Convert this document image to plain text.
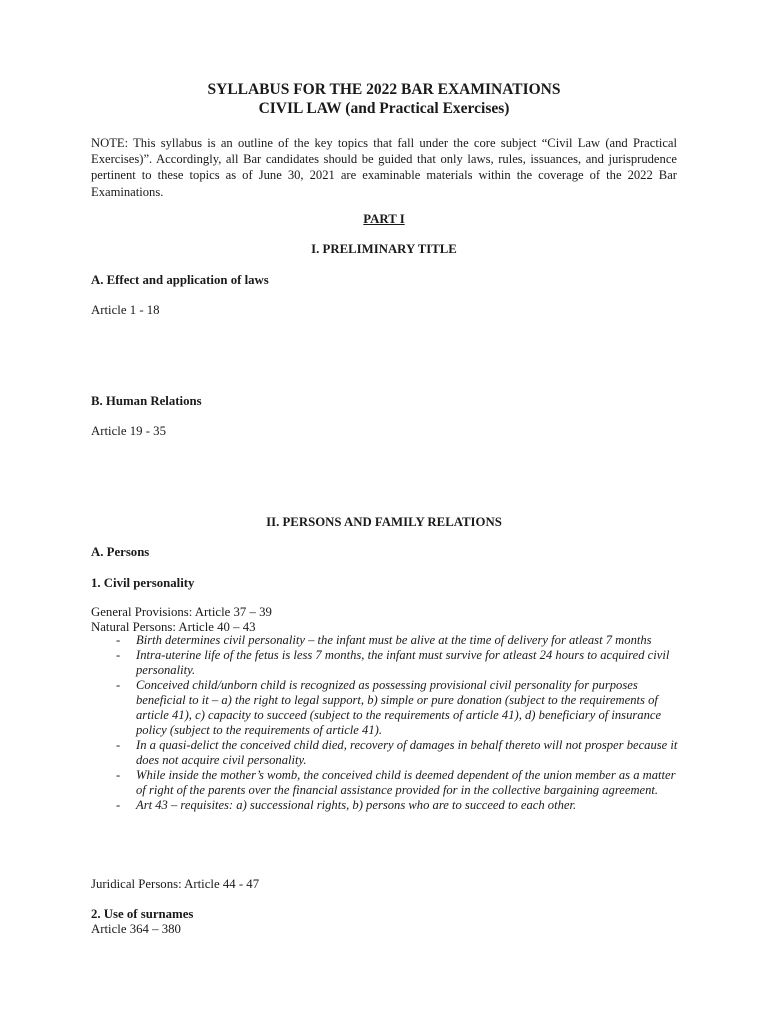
SYLLABUS FOR THE 2022 BAR EXAMINATIONS
CIVIL LAW (and Practical Exercises)
NOTE: This syllabus is an outline of the key topics that fall under the core subject “Civil Law (and Practical Exercises)”. Accordingly, all Bar candidates should be guided that only laws, rules, issuances, and jurisprudence pertinent to these topics as of June 30, 2021 are examinable materials within the coverage of the 2022 Bar Examinations.
PART I
I. PRELIMINARY TITLE
A. Effect and application of laws
Article 1 - 18
B. Human Relations
Article 19 - 35
II. PERSONS AND FAMILY RELATIONS
A. Persons
1. Civil personality
General Provisions: Article 37 – 39
Natural Persons: Article 40 – 43
- Birth determines civil personality – the infant must be alive at the time of delivery for atleast 7 months
- Intra-uterine life of the fetus is less 7 months, the infant must survive for atleast 24 hours to acquired civil personality.
- Conceived child/unborn child is recognized as possessing provisional civil personality for purposes beneficial to it – a) the right to legal support, b) simple or pure donation (subject to the requirements of article 41), c) capacity to succeed (subject to the requirements of article 41), d) beneficiary of insurance policy (subject to the requirements of article 41).
- In a quasi-delict the conceived child died, recovery of damages in behalf thereto will not prosper because it does not acquire civil personality.
- While inside the mother’s womb, the conceived child is deemed dependent of the union member as a matter of right of the parents over the financial assistance provided for in the collective bargaining agreement.
- Art 43 – requisites: a) successional rights, b) persons who are to succeed to each other.
Juridical Persons: Article 44 - 47
2. Use of surnames
Article 364 – 380
